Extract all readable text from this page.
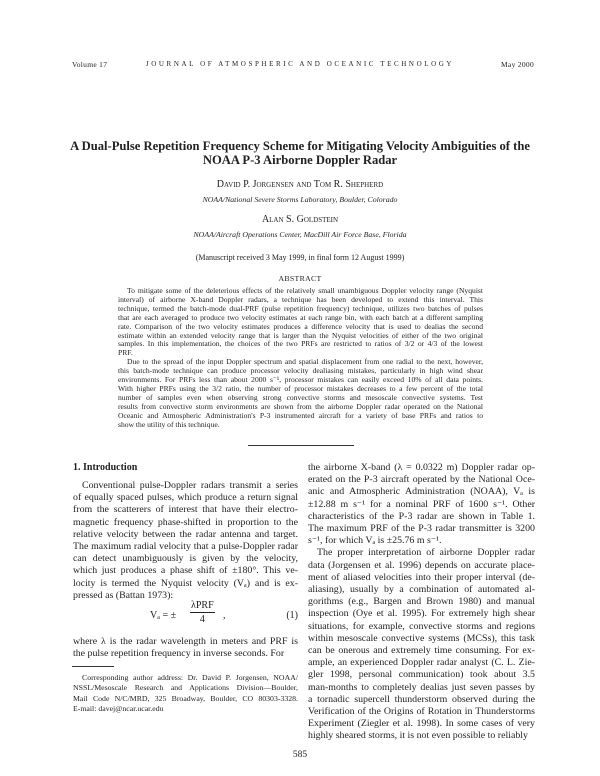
Volume 17	JOURNAL OF ATMOSPHERIC AND OCEANIC TECHNOLOGY	May 2000
A Dual-Pulse Repetition Frequency Scheme for Mitigating Velocity Ambiguities of the
NOAA P-3 Airborne Doppler Radar
David P. Jorgensen and Tom R. Shepherd
NOAA/National Severe Storms Laboratory, Boulder, Colorado
Alan S. Goldstein
NOAA/Aircraft Operations Center, MacDill Air Force Base, Florida
(Manuscript received 3 May 1999, in final form 12 August 1999)
ABSTRACT
To mitigate some of the deleterious effects of the relatively small unambiguous Doppler velocity range (Nyquist
interval) of airborne X-band Doppler radars, a technique has been developed to extend this interval. This
technique, termed the batch-mode dual-PRF (pulse repetition frequency) technique, utilizes two batches of pulses
that are each averaged to produce two velocity estimates at each range bin, with each batch at a different sampling
rate. Comparison of the two velocity estimates produces a difference velocity that is used to dealias the second
estimate within an extended velocity range that is larger than the Nyquist velocities of either of the two original
samples. In this implementation, the choices of the two PRFs are restricted to ratios of 3/2 or 4/3 of the lowest
PRF.
Due to the spread of the input Doppler spectrum and spatial displacement from one radial to the next, however,
this batch-mode technique can produce processor velocity dealiasing mistakes, particularly in high wind shear
environments. For PRFs less than about 2000 s⁻¹, processor mistakes can easily exceed 10% of all data points.
With higher PRFs using the 3/2 ratio, the number of processor mistakes decreases to a few percent of the total
number of samples even when observing strong convective storms and mesoscale convective systems. Test
results from convective storm environments are shown from the airborne Doppler radar operated on the National
Oceanic and Atmospheric Administration's P-3 instrumented aircraft for a variety of base PRFs and ratios to
show the utility of this technique.
1. Introduction
Conventional pulse-Doppler radars transmit a series
of equally spaced pulses, which produce a return signal
from the scatterers of interest that have their electro-
magnetic frequency phase-shifted in proportion to the
relative velocity between the radar antenna and target.
The maximum radial velocity that a pulse-Doppler radar
can detect unambiguously is given by the velocity,
which just produces a phase shift of ±180°. This ve-
locity is termed the Nyquist velocity (Vₐ) and is ex-
pressed as (Battan 1973):
Vₐ = ±
λPRF
4	,	(1)
where λ is the radar wavelength in meters and PRF is
the pulse repetition frequency in inverse seconds. For
Corresponding author address: Dr. David P. Jorgensen, NOAA/
NSSL/Mesoscale Research and Applications Division—Boulder,
Mail Code N/C/MRD, 325 Broadway, Boulder, CO 80303-3328.
E-mail: davej@ncar.ucar.edu
the airborne X-band (λ = 0.0322 m) Doppler radar op-
erated on the P-3 aircraft operated by the National Oce-
anic and Atmospheric Administration (NOAA), Vₐ is
±12.88 m s⁻¹ for a nominal PRF of 1600 s⁻¹. Other
characteristics of the P-3 radar are shown in Table 1.
The maximum PRF of the P-3 radar transmitter is 3200
s⁻¹, for which Vₐ is ±25.76 m s⁻¹.
The proper interpretation of airborne Doppler radar
data (Jorgensen et al. 1996) depends on accurate place-
ment of aliased velocities into their proper interval (de-
aliasing), usually by a combination of automated al-
gorithms (e.g., Bargen and Brown 1980) and manual
inspection (Oye et al. 1995). For extremely high shear
situations, for example, convective storms and regions
within mesoscale convective systems (MCSs), this task
can be onerous and extremely time consuming. For ex-
ample, an experienced Doppler radar analyst (C. L. Zie-
gler 1998, personal communication) took about 3.5
man-months to completely dealias just seven passes by
a tornadic supercell thunderstorm observed during the
Verification of the Origins of Rotation in Thunderstorms
Experiment (Ziegler et al. 1998). In some cases of very
highly sheared storms, it is not even possible to reliably
585
